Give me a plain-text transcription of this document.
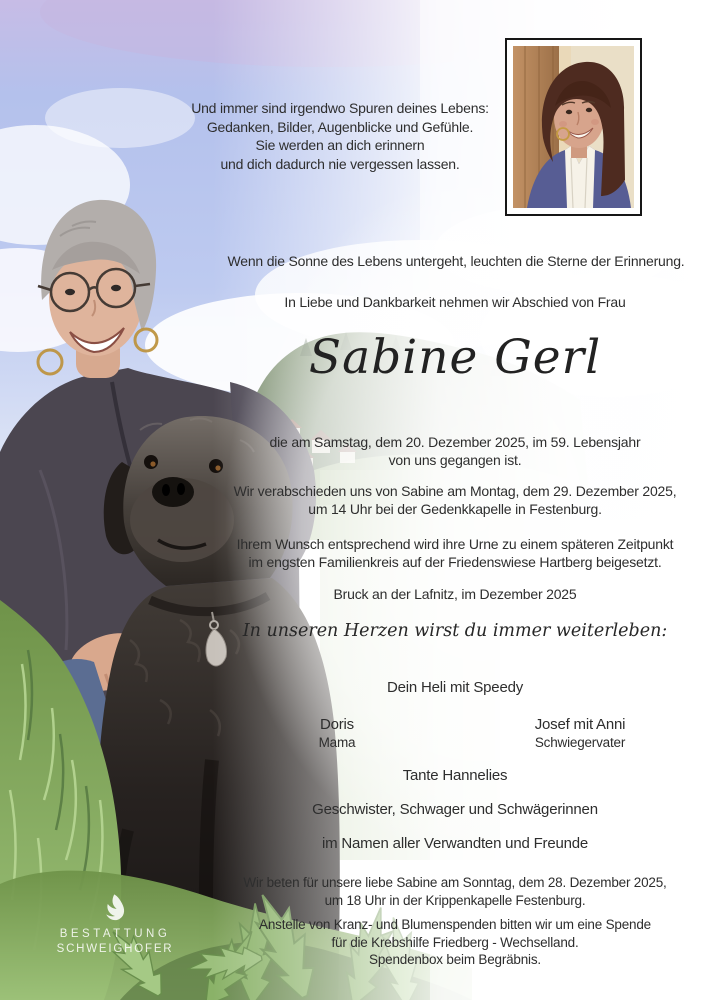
Und immer sind irgendwo Spuren deines Lebens:
Gedanken, Bilder, Augenblicke und Gefühle.
Sie werden an dich erinnern
und dich dadurch nie vergessen lassen.
Wenn die Sonne des Lebens untergeht, leuchten die Sterne der Erinnerung.
In Liebe und Dankbarkeit nehmen wir Abschied von Frau
Sabine Gerl
die am Samstag, dem 20. Dezember 2025, im 59. Lebensjahr
von uns gegangen ist.
Wir verabschieden uns von Sabine am Montag, dem 29. Dezember 2025,
um 14 Uhr bei der Gedenkkapelle in Festenburg.
Ihrem Wunsch entsprechend wird ihre Urne zu einem späteren Zeitpunkt
im engsten Familienkreis auf der Friedenswiese Hartberg beigesetzt.
Bruck an der Lafnitz, im Dezember 2025
In unseren Herzen wirst du immer weiterleben:
Dein Heli mit Speedy
Doris
Mama
Josef mit Anni
Schwiegervater
Tante Hannelies
Geschwister, Schwager und Schwägerinnen
im Namen aller Verwandten und Freunde
Wir beten für unsere liebe Sabine am Sonntag, dem 28. Dezember 2025,
um 18 Uhr in der Krippenkapelle Festenburg.
Anstelle von Kranz- und Blumenspenden bitten wir um eine Spende
für die Krebshilfe Friedberg - Wechselland.
Spendenbox beim Begräbnis.
BESTATTUNG
SCHWEIGHOFER
